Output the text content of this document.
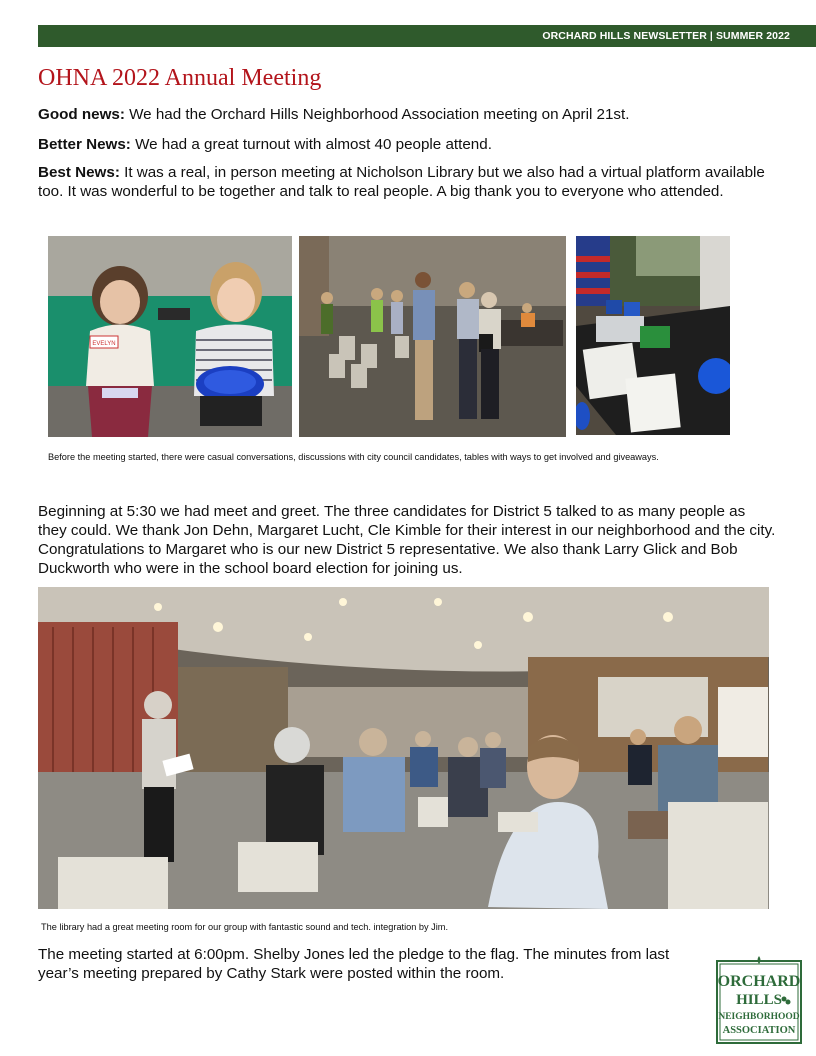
ORCHARD HILLS NEWSLETTER | SUMMER 2022
OHNA 2022 Annual Meeting

Good news: We had the Orchard Hills Neighborhood Association meeting on April 21st.

Better News: We had a great turnout with almost 40 people attend.

Best News: It was a real, in person meeting at Nicholson Library but we also had a virtual platform available too. It was wonderful to be together and talk to real people. A big thank you to everyone who attended.

EVELYN

Before the meeting started, there were casual conversations, discussions with city council candidates, tables with ways to get involved and giveaways.

Beginning at 5:30 we had meet and greet. The three candidates for District 5 talked to as many people as they could. We thank Jon Dehn, Margaret Lucht, Cle Kimble for their interest in our neighborhood and the city. Congratulations to Margaret who is our new District 5 representative. We also thank Larry Glick and Bob Duckworth who were in the school board election for joining us.

The library had a great meeting room for our group with fantastic sound and tech. integration by Jim.

The meeting started at 6:00pm. Shelby Jones led the pledge to the flag. The minutes from last year’s meeting prepared by Cathy Stark were posted within the room.	ORCHARD
HILLS
NEIGHBORHOOD
ASSOCIATION
